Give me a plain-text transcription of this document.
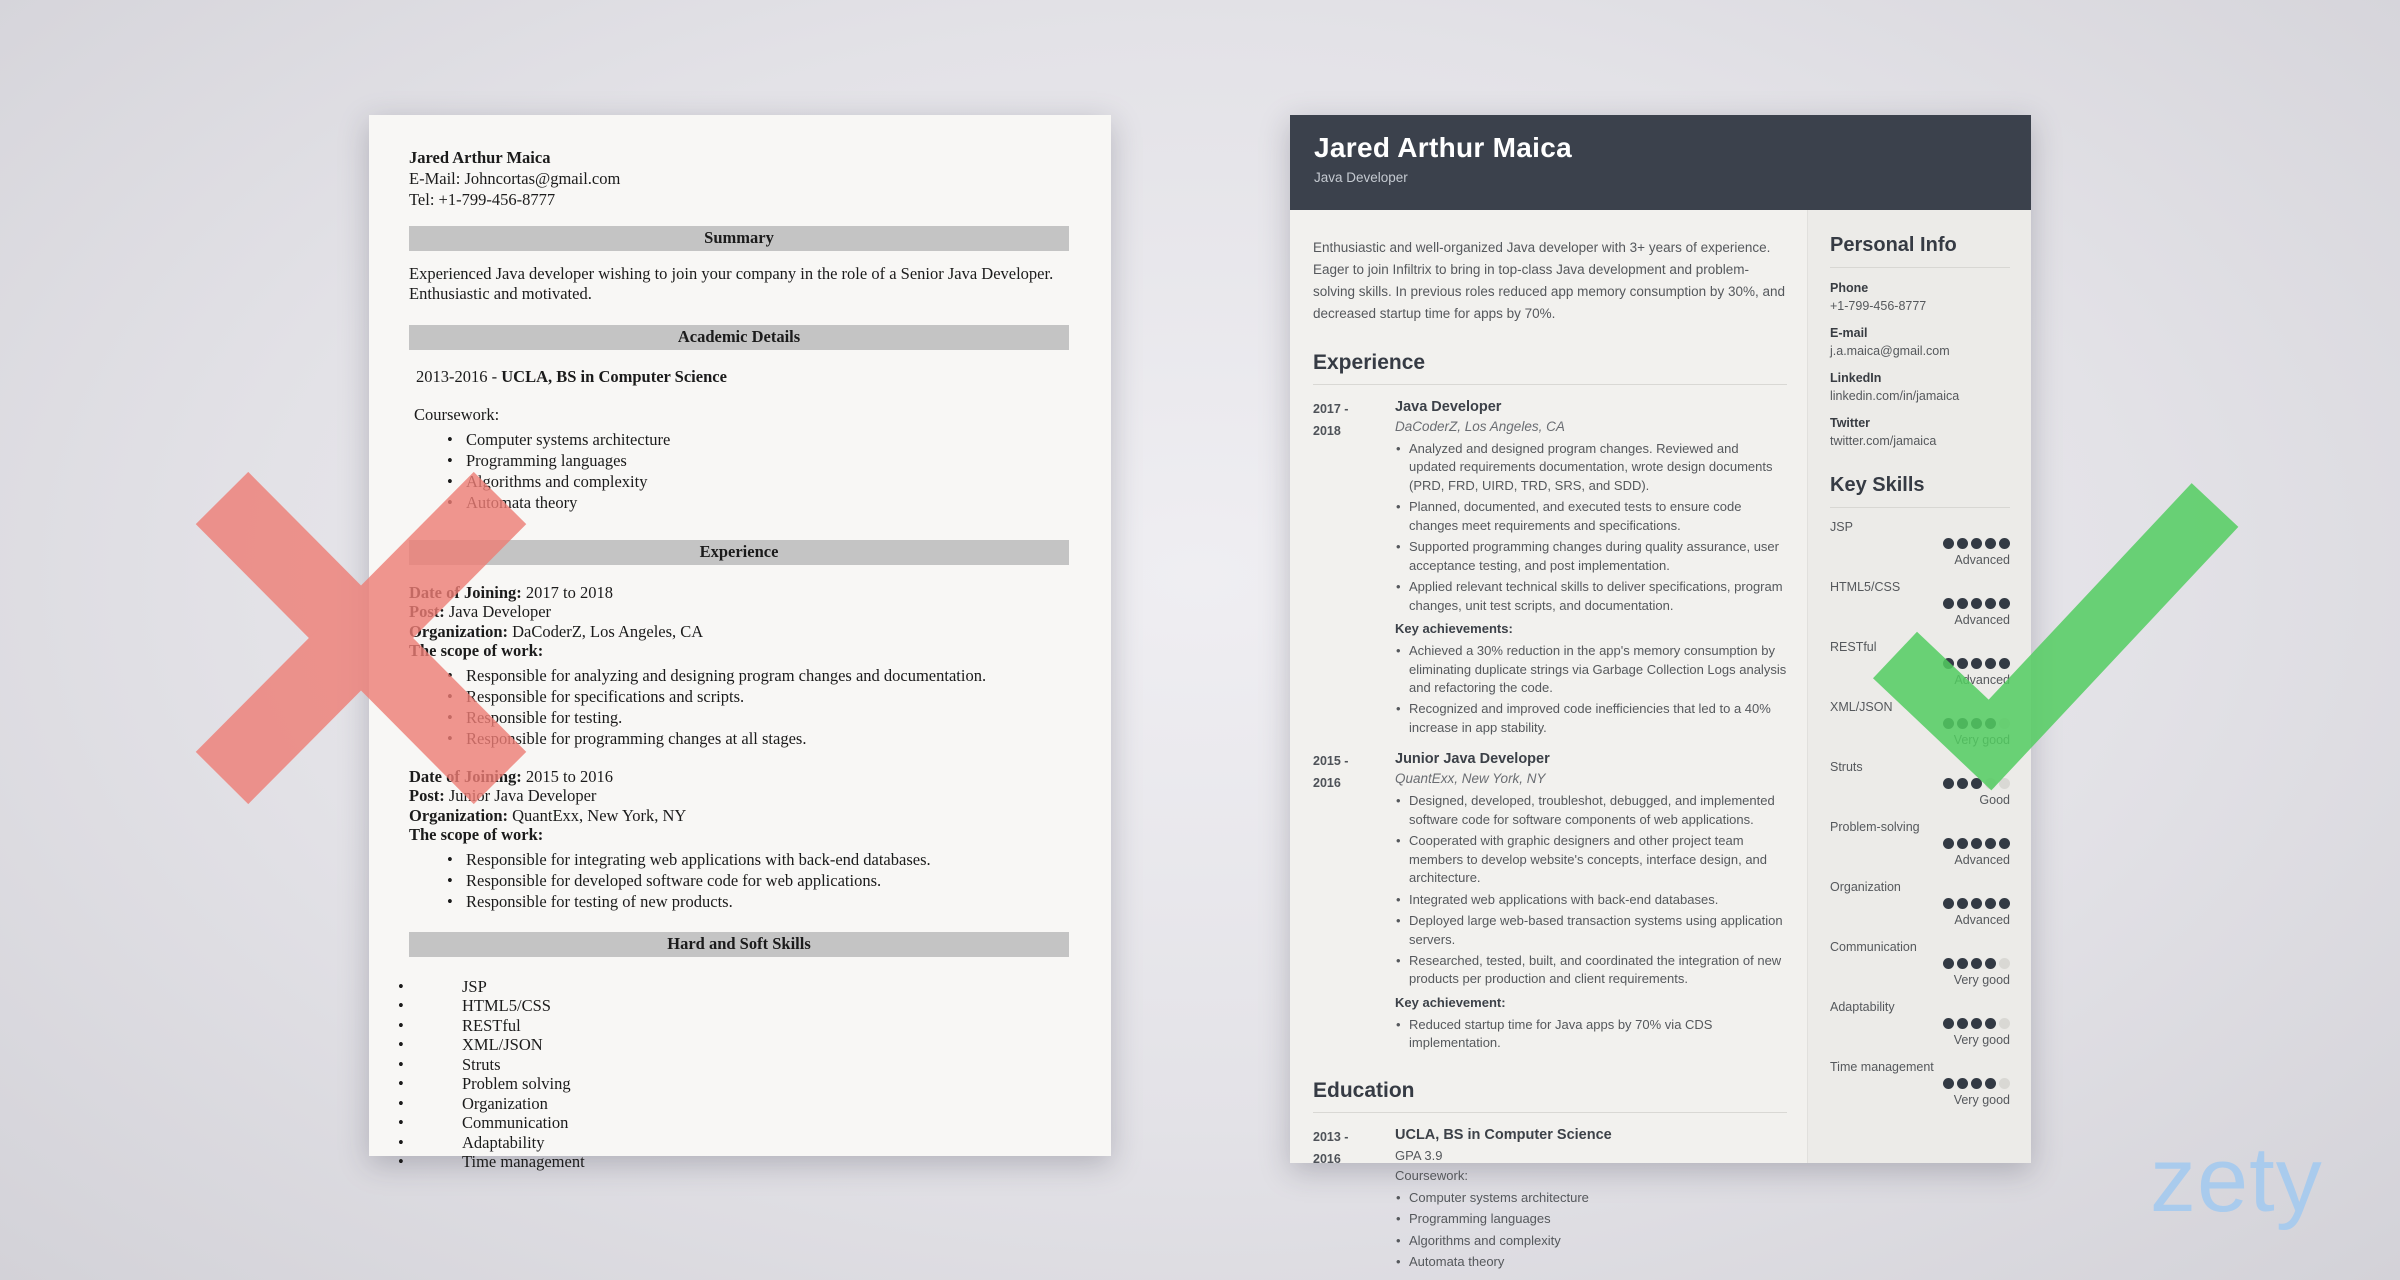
Jared Arthur Maica
E-Mail: Johncortas@gmail.com
Tel: +1-799-456-8777
Summary
Experienced Java developer wishing to join your company in the role of a Senior Java Developer. Enthusiastic and motivated.
Academic Details
2013-2016 - UCLA, BS in Computer Science
Coursework:
• Computer systems architecture
• Programming languages
• Algorithms and complexity
• Automata theory
Experience
Date of Joining: 2017 to 2018
Post: Java Developer
Organization: DaCoderZ, Los Angeles, CA
The scope of work:
• Responsible for analyzing and designing program changes and documentation.
• Responsible for specifications and scripts.
• Responsible for testing.
• Responsible for programming changes at all stages.
Date of Joining: 2015 to 2016
Post: Junior Java Developer
Organization: QuantExx, New York, NY
The scope of work:
• Responsible for integrating web applications with back-end databases.
• Responsible for developed software code for web applications.
• Responsible for testing of new products.
Hard and Soft Skills
• JSP
• HTML5/CSS
• RESTful
• XML/JSON
• Struts
• Problem solving
• Organization
• Communication
• Adaptability
• Time management
Jared Arthur Maica
Java Developer
Enthusiastic and well-organized Java developer with 3+ years of experience. Eager to join Infiltrix to bring in top-class Java development and problem-solving skills. In previous roles reduced app memory consumption by 30%, and decreased startup time for apps by 70%.
Experience
2017 -
2018
Java Developer
DaCoderZ, Los Angeles, CA
• Analyzed and designed program changes. Reviewed and updated requirements documentation, wrote design documents (PRD, FRD, UIRD, TRD, SRS, and SDD).
• Planned, documented, and executed tests to ensure code changes meet requirements and specifications.
• Supported programming changes during quality assurance, user acceptance testing, and post implementation.
• Applied relevant technical skills to deliver specifications, program changes, unit test scripts, and documentation.
Key achievements:
• Achieved a 30% reduction in the app's memory consumption by eliminating duplicate strings via Garbage Collection Logs analysis and refactoring the code.
• Recognized and improved code inefficiencies that led to a 40% increase in app stability.
2015 -
2016
Junior Java Developer
QuantExx, New York, NY
• Designed, developed, troubleshot, debugged, and implemented software code for software components of web applications.
• Cooperated with graphic designers and other project team members to develop website's concepts, interface design, and architecture.
• Integrated web applications with back-end databases.
• Deployed large web-based transaction systems using application servers.
• Researched, tested, built, and coordinated the integration of new products per production and client requirements.
Key achievement:
• Reduced startup time for Java apps by 70% via CDS implementation.
Education
2013 -
2016
UCLA, BS in Computer Science
GPA 3.9
Coursework:
• Computer systems architecture
• Programming languages
• Algorithms and complexity
• Automata theory
Personal Info
Phone
+1-799-456-8777
E-mail
j.a.maica@gmail.com
LinkedIn
linkedin.com/in/jamaica
Twitter
twitter.com/jamaica
Key Skills
JSP
Advanced
HTML5/CSS
Advanced
RESTful
Advanced
XML/JSON
Very good
Struts
Good
Problem-solving
Advanced
Organization
Advanced
Communication
Very good
Adaptability
Very good
Time management
Very good
zety
